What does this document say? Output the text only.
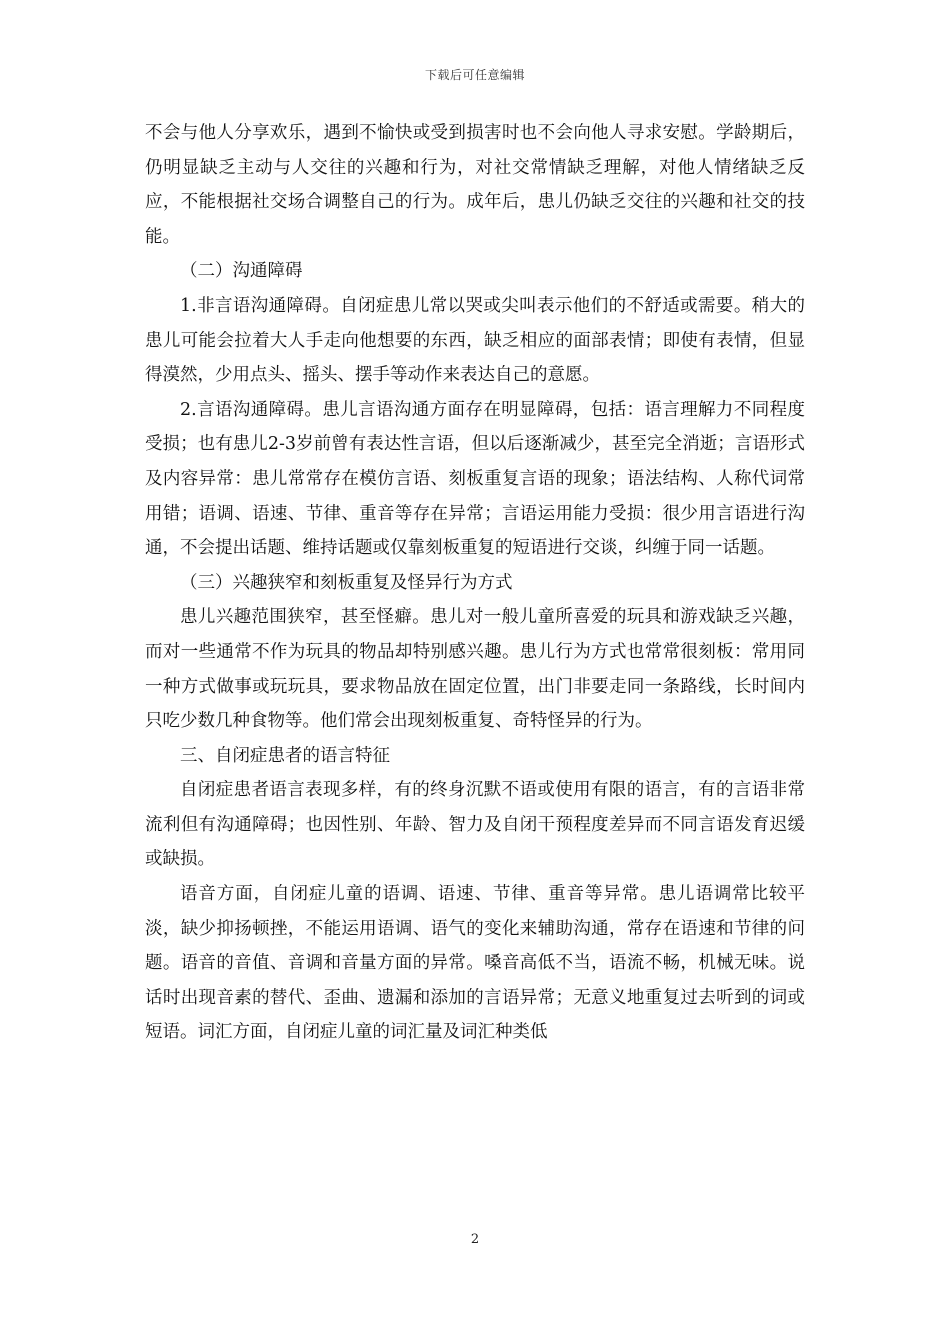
下载后可任意编辑

不会与他人分享欢乐，遇到不愉快或受到损害时也不会向他人寻求安慰。学龄期后，仍明显缺乏主动与人交往的兴趣和行为，对社交常情缺乏理解，对他人情绪缺乏反应，不能根据社交场合调整自己的行为。成年后，患儿仍缺乏交往的兴趣和社交的技能。

（二）沟通障碍

1.非言语沟通障碍。自闭症患儿常以哭或尖叫表示他们的不舒适或需要。稍大的患儿可能会拉着大人手走向他想要的东西，缺乏相应的面部表情；即使有表情，但显得漠然，少用点头、摇头、摆手等动作来表达自己的意愿。

2.言语沟通障碍。患儿言语沟通方面存在明显障碍，包括：语言理解力不同程度受损；也有患儿2-3岁前曾有表达性言语，但以后逐渐减少，甚至完全消逝；言语形式及内容异常：患儿常常存在模仿言语、刻板重复言语的现象；语法结构、人称代词常用错；语调、语速、节律、重音等存在异常；言语运用能力受损：很少用言语进行沟通，不会提出话题、维持话题或仅靠刻板重复的短语进行交谈，纠缠于同一话题。

（三）兴趣狭窄和刻板重复及怪异行为方式

患儿兴趣范围狭窄，甚至怪癖。患儿对一般儿童所喜爱的玩具和游戏缺乏兴趣，而对一些通常不作为玩具的物品却特别感兴趣。患儿行为方式也常常很刻板：常用同一种方式做事或玩玩具，要求物品放在固定位置，出门非要走同一条路线，长时间内只吃少数几种食物等。他们常会出现刻板重复、奇特怪异的行为。

三、自闭症患者的语言特征

自闭症患者语言表现多样，有的终身沉默不语或使用有限的语言，有的言语非常流利但有沟通障碍；也因性别、年龄、智力及自闭干预程度差异而不同言语发育迟缓或缺损。

语音方面，自闭症儿童的语调、语速、节律、重音等异常。患儿语调常比较平淡，缺少抑扬顿挫，不能运用语调、语气的变化来辅助沟通，常存在语速和节律的问题。语音的音值、音调和音量方面的异常。嗓音高低不当，语流不畅，机械无味。说话时出现音素的替代、歪曲、遗漏和添加的言语异常；无意义地重复过去听到的词或短语。词汇方面，自闭症儿童的词汇量及词汇种类低

2
